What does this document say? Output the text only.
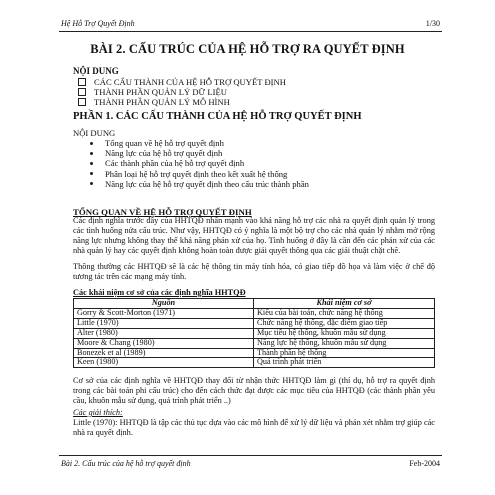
Hệ Hỗ Trợ Quyết Định	1/30
BÀI 2. CẤU TRÚC CỦA HỆ HỖ TRỢ RA QUYẾT ĐỊNH
NỘI DUNG
CÁC CẤU THÀNH CỦA HỆ HỖ TRỢ QUYẾT ĐỊNH
THÀNH PHẦN QUẢN LÝ DỮ LIỆU
THÀNH PHẦN QUẢN LÝ MÔ HÌNH
PHẦN 1. CÁC CẤU THÀNH CỦA HỆ HỖ TRỢ QUYẾT ĐỊNH
NỘI DUNG
Tổng quan về hệ hỗ trợ quyết định
Năng lực của hệ hỗ trợ quyết định
Các thành phần của hệ hỗ trợ quyết định
Phân loại hệ hỗ trợ quyết định theo kết xuất hệ thống
Năng lực của hệ hỗ trợ quyết định theo cấu trúc thành phần
TỔNG QUAN VỀ HỆ HỖ TRỢ QUYẾT ĐỊNH
Các định nghĩa trước đây của HHTQĐ nhấn mạnh vào khả năng hỗ trợ các nhà ra quyết định quản lý trong các tình huống nửa cấu trúc. Như vậy, HHTQĐ có ý nghĩa là một bộ trợ cho các nhà quản lý nhằm mở rộng năng lực nhưng không thay thế khả năng phán xử của họ. Tình huống ở đây là cần đến các phán xử của các nhà quản lý hay các quyết định không hoàn toàn được giải quyết thông qua các giải thuật chặt chẽ.
Thông thường các HHTQĐ sẽ là các hệ thông tin máy tính hóa, có giao tiếp đồ họa và làm việc ở chế độ tương tác trên các mạng máy tính.
Các khái niệm cơ sở của các định nghĩa HHTQĐ
Nguồn	Khái niệm cơ sở
Gorry & Scott-Morton (1971)	Kiểu của bài toán, chức năng hệ thống
Little (1970)	Chức năng hệ thống, đặc điểm giao tiếp
Alter (1980)	Mục tiêu hệ thống, khuôn mẫu sử dụng
Moore & Chang (1980)	Năng lực hệ thống, khuôn mẫu sử dụng
Bonezek et al (1989)	Thành phần hệ thống
Keen (1980)	Quá trình phát triển
Cơ sở của các định nghĩa về HHTQĐ thay đổi từ nhận thức HHTQĐ làm gì (thí dụ, hỗ trợ ra quyết định trong các bài toán phi cấu trúc) cho đến cách thức đạt được các mục tiêu của HHTQĐ (các thành phần yêu cầu, khuôn mẫu sử dụng, quá trình phát triển ..)
Các giải thích:
Little (1970): HHTQĐ là tập các thủ tục dựa vào các mô hình để xử lý dữ liệu và phán xét nhằm trợ giúp các nhà ra quyết định.
Bài 2. Cấu trúc của hệ hỗ trợ quyết định	Feb-2004
